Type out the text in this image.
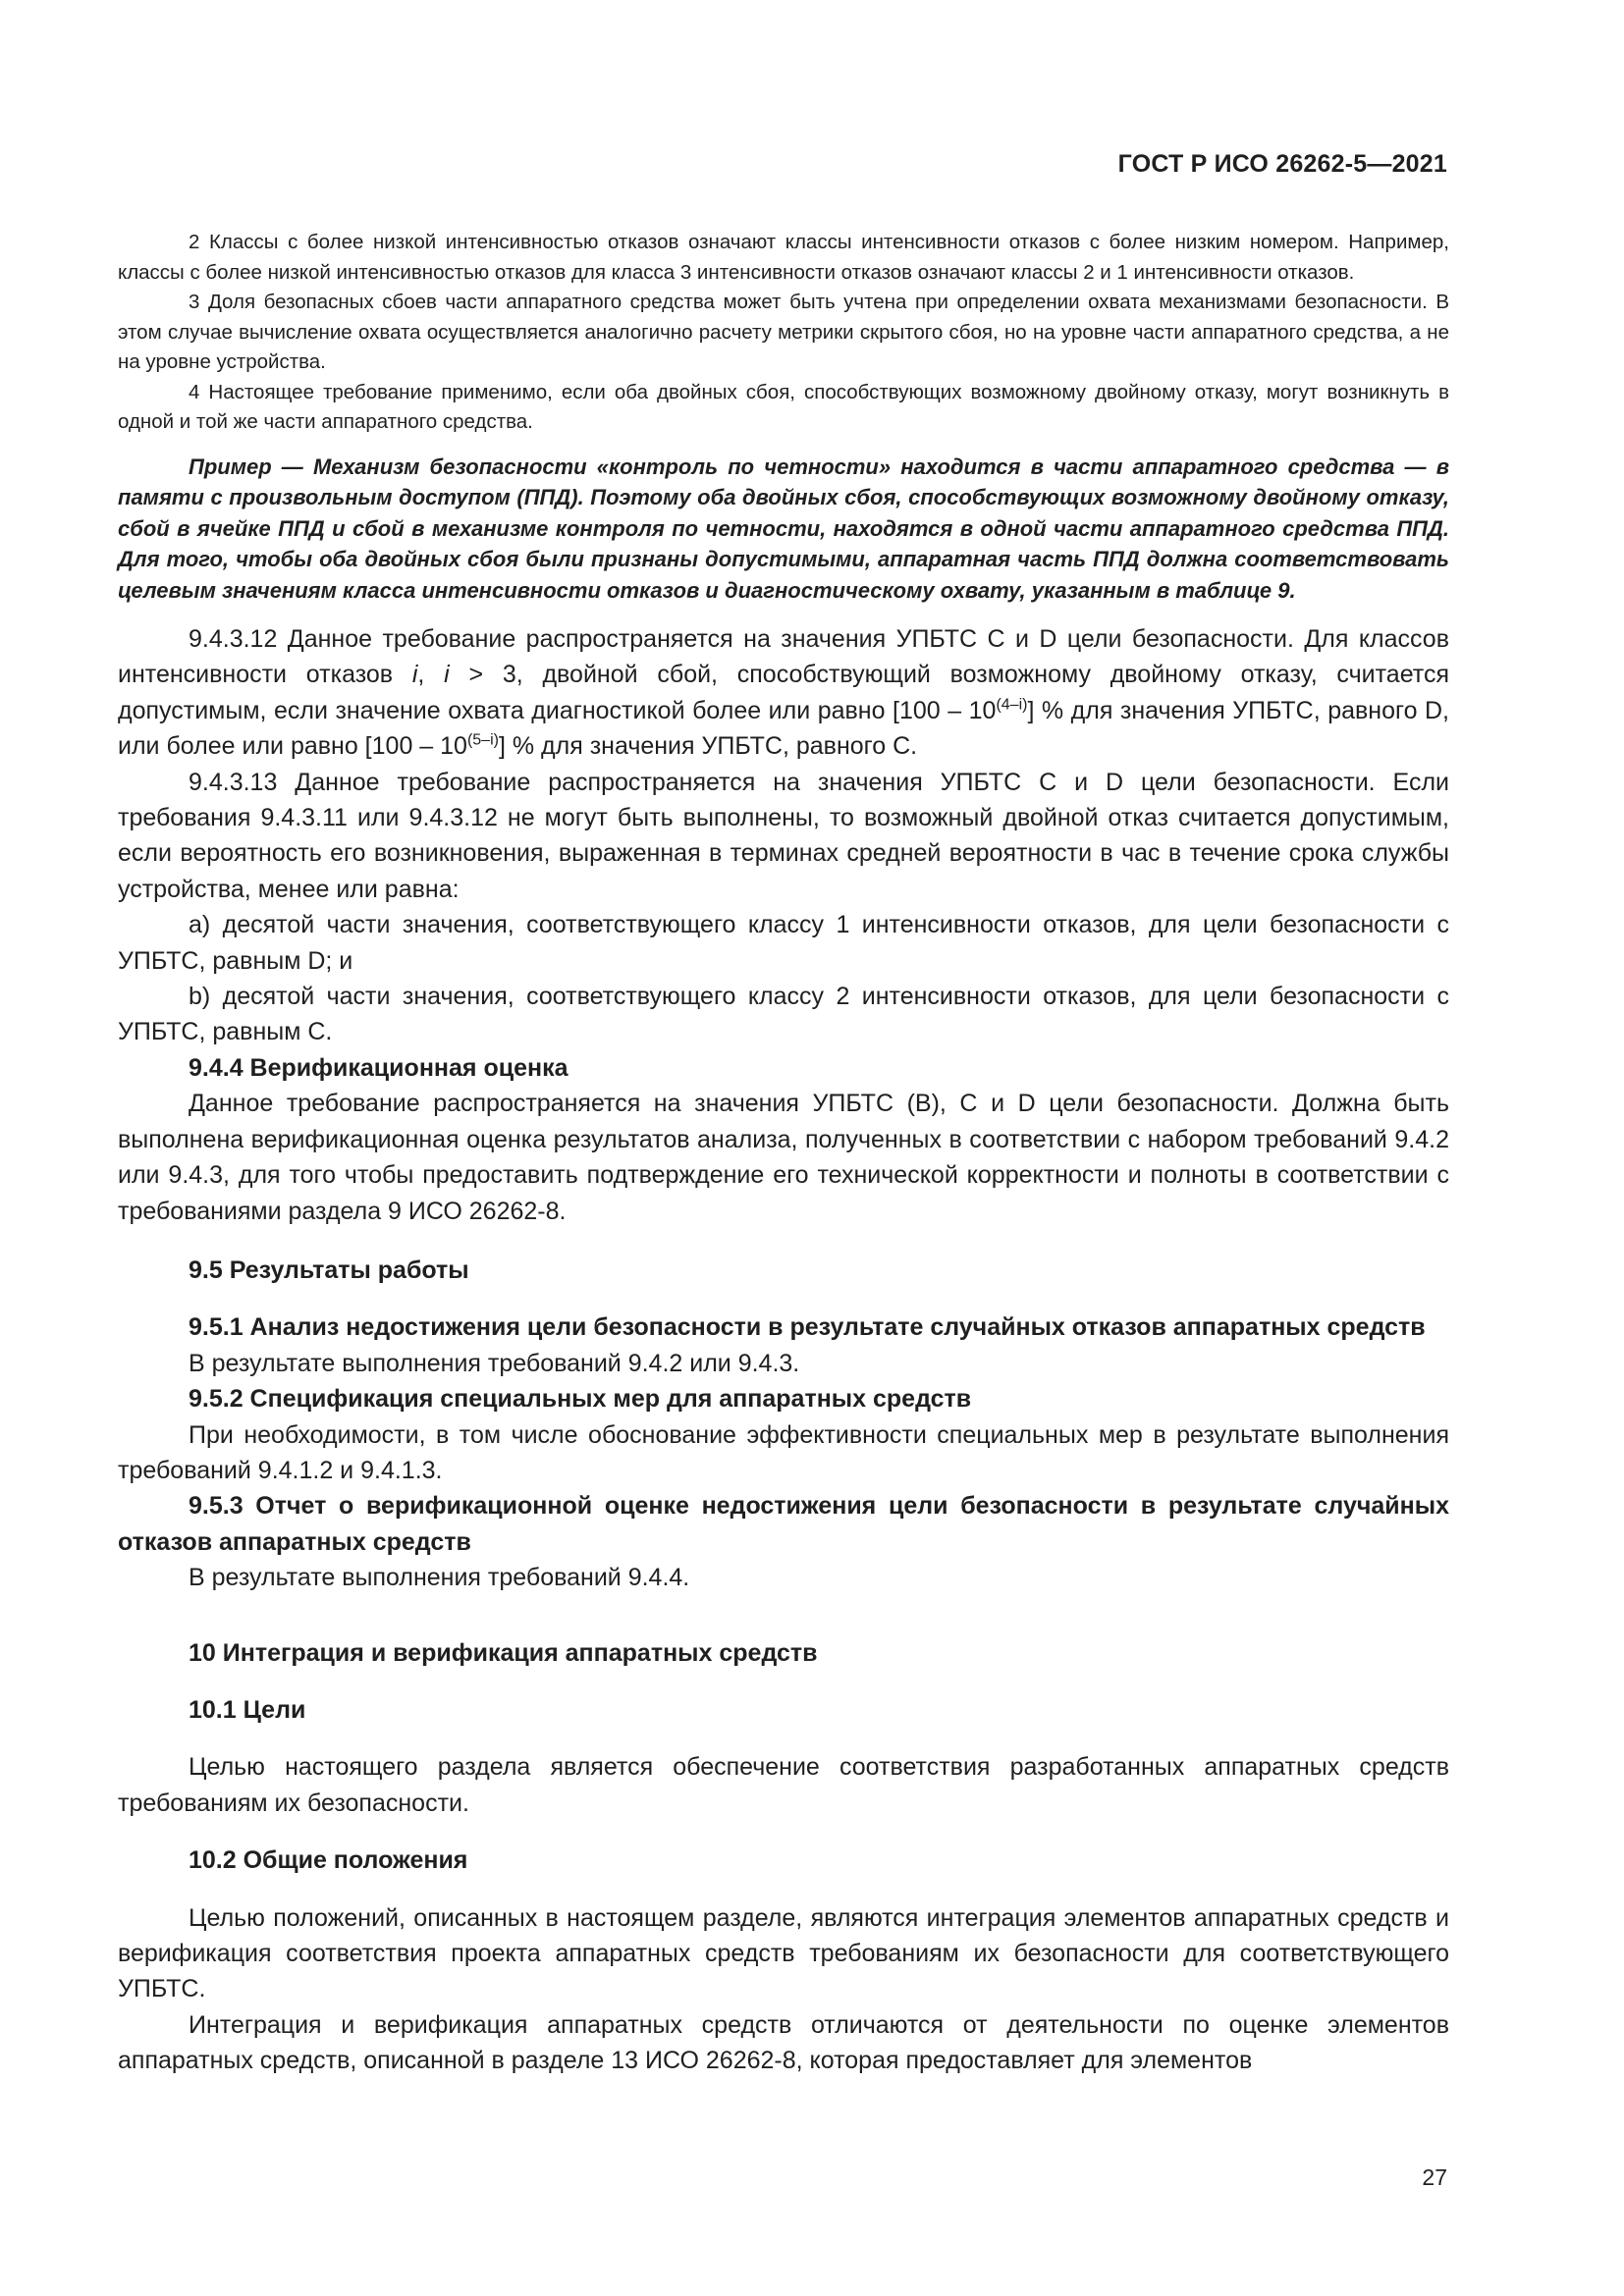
ГОСТ Р ИСО 26262-5—2021

2 Классы с более низкой интенсивностью отказов означают классы интенсивности отказов с более низким номером. Например, классы с более низкой интенсивностью отказов для класса 3 интенсивности отказов означают классы 2 и 1 интенсивности отказов.

3 Доля безопасных сбоев части аппаратного средства может быть учтена при определении охвата механизмами безопасности. В этом случае вычисление охвата осуществляется аналогично расчету метрики скрытого сбоя, но на уровне части аппаратного средства, а не на уровне устройства.

4 Настоящее требование применимо, если оба двойных сбоя, способствующих возможному двойному отказу, могут возникнуть в одной и той же части аппаратного средства.

Пример — Механизм безопасности «контроль по четности» находится в части аппаратного средства — в памяти с произвольным доступом (ППД). Поэтому оба двойных сбоя, способствующих возможному двойному отказу, сбой в ячейке ППД и сбой в механизме контроля по четности, находятся в одной части аппаратного средства ППД. Для того, чтобы оба двойных сбоя были признаны допустимыми, аппаратная часть ППД должна соответствовать целевым значениям класса интенсивности отказов и диагностическому охвату, указанным в таблице 9.

9.4.3.12 Данное требование распространяется на значения УПБТС С и D цели безопасности. Для классов интенсивности отказов i, i > 3, двойной сбой, способствующий возможному двойному отказу, считается допустимым, если значение охвата диагностикой более или равно [100 – 10$^{(4-i)}$] % для значения УПБТС, равного D, или более или равно [100 – 10$^{(5-i)}$] % для значения УПБТС, равного С.

9.4.3.13 Данное требование распространяется на значения УПБТС С и D цели безопасности. Если требования 9.4.3.11 или 9.4.3.12 не могут быть выполнены, то возможный двойной отказ считается допустимым, если вероятность его возникновения, выраженная в терминах средней вероятности в час в течение срока службы устройства, менее или равна:

а) десятой части значения, соответствующего классу 1 интенсивности отказов, для цели безопасности с УПБТС, равным D; и

b) десятой части значения, соответствующего классу 2 интенсивности отказов, для цели безопасности с УПБТС, равным С.

9.4.4 Верификационная оценка

Данное требование распространяется на значения УПБТС (В), С и D цели безопасности. Должна быть выполнена верификационная оценка результатов анализа, полученных в соответствии с набором требований 9.4.2 или 9.4.3, для того чтобы предоставить подтверждение его технической корректности и полноты в соответствии с требованиями раздела 9 ИСО 26262-8.

9.5 Результаты работы

9.5.1 Анализ недостижения цели безопасности в результате случайных отказов аппаратных средств

В результате выполнения требований 9.4.2 или 9.4.3.

9.5.2 Спецификация специальных мер для аппаратных средств

При необходимости, в том числе обоснование эффективности специальных мер в результате выполнения требований 9.4.1.2 и 9.4.1.3.

9.5.3 Отчет о верификационной оценке недостижения цели безопасности в результате случайных отказов аппаратных средств

В результате выполнения требований 9.4.4.

10 Интеграция и верификация аппаратных средств

10.1 Цели

Целью настоящего раздела является обеспечение соответствия разработанных аппаратных средств требованиям их безопасности.

10.2 Общие положения

Целью положений, описанных в настоящем разделе, являются интеграция элементов аппаратных средств и верификация соответствия проекта аппаратных средств требованиям их безопасности для соответствующего УПБТС.

Интеграция и верификация аппаратных средств отличаются от деятельности по оценке элементов аппаратных средств, описанной в разделе 13 ИСО 26262-8, которая предоставляет для элементов

27
